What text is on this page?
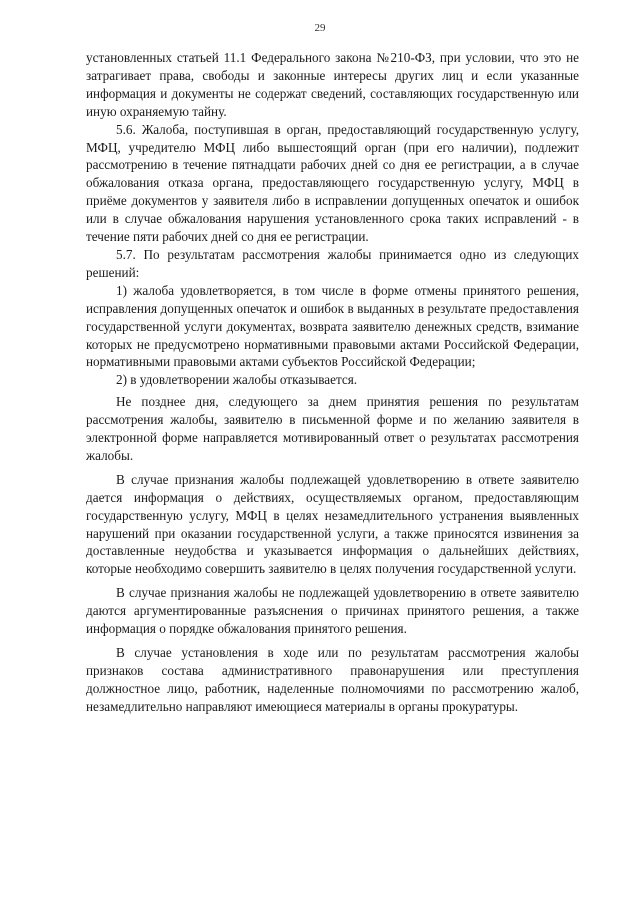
29

установленных статьей 11.1 Федерального закона №210-ФЗ, при условии, что это не затрагивает права, свободы и законные интересы других лиц и если указанные информация и документы не содержат сведений, составляющих государственную или иную охраняемую тайну.

5.6. Жалоба, поступившая в орган, предоставляющий государственную услугу, МФЦ, учредителю МФЦ либо вышестоящий орган (при его наличии), подлежит рассмотрению в течение пятнадцати рабочих дней со дня ее регистрации, а в случае обжалования отказа органа, предоставляющего государственную услугу, МФЦ в приёме документов у заявителя либо в исправлении допущенных опечаток и ошибок или в случае обжалования нарушения установленного срока таких исправлений - в течение пяти рабочих дней со дня ее регистрации.

5.7. По результатам рассмотрения жалобы принимается одно из следующих решений:

1) жалоба удовлетворяется, в том числе в форме отмены принятого решения, исправления допущенных опечаток и ошибок в выданных в результате предоставления государственной услуги документах, возврата заявителю денежных средств, взимание которых не предусмотрено нормативными правовыми актами Российской Федерации, нормативными правовыми актами субъектов Российской Федерации;

2) в удовлетворении жалобы отказывается.

Не позднее дня, следующего за днем принятия решения по результатам рассмотрения жалобы, заявителю в письменной форме и по желанию заявителя в электронной форме направляется мотивированный ответ о результатах рассмотрения жалобы.

В случае признания жалобы подлежащей удовлетворению в ответе заявителю дается информация о действиях, осуществляемых органом, предоставляющим государственную услугу, МФЦ в целях незамедлительного устранения выявленных нарушений при оказании государственной услуги, а также приносятся извинения за доставленные неудобства и указывается информация о дальнейших действиях, которые необходимо совершить заявителю в целях получения государственной услуги.

В случае признания жалобы не подлежащей удовлетворению в ответе заявителю даются аргументированные разъяснения о причинах принятого решения, а также информация о порядке обжалования принятого решения.

В случае установления в ходе или по результатам рассмотрения жалобы признаков состава административного правонарушения или преступления должностное лицо, работник, наделенные полномочиями по рассмотрению жалоб, незамедлительно направляют имеющиеся материалы в органы прокуратуры.
